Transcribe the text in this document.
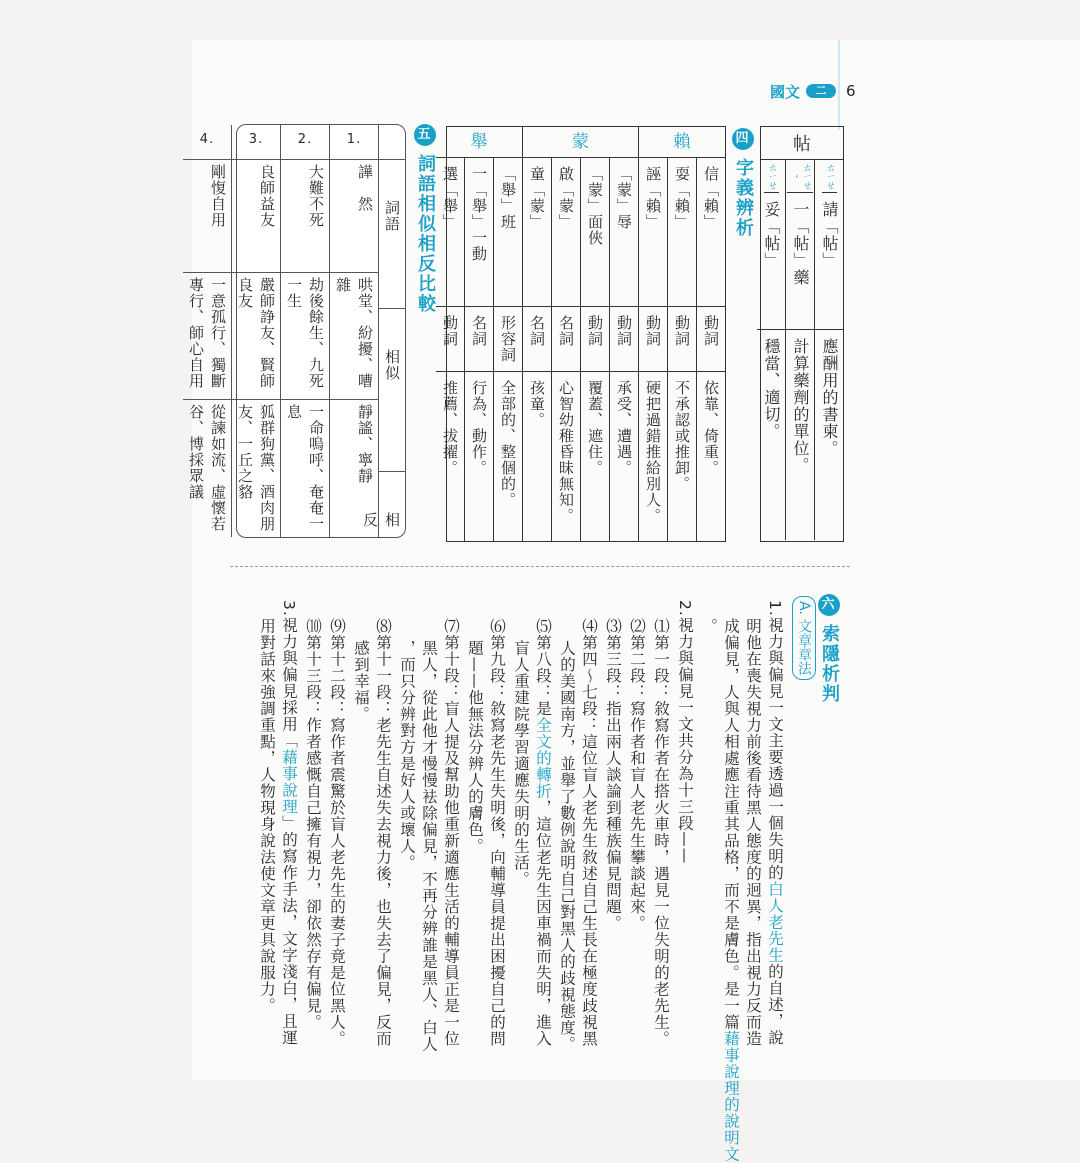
國文	二	6
帖
ㄊㄧㄝ
請「帖」
應酬用的書柬。
ㄊㄧㄝˇ
一「帖」藥
計算藥劑的單位。
ㄊㄧㄝ
妥「帖」
穩當、適切。
四 字義辨析
賴
信「賴」
動詞
依靠、倚重。
耍「賴」
動詞
不承認或推卸。
誣「賴」
動詞
硬把過錯推給別人。
蒙
「蒙」辱
動詞
承受、遭遇。
「蒙」面俠
動詞
覆蓋、遮住。
啟「蒙」
名詞
心智幼稚昏昧無知。
童「蒙」
名詞
孩童。
舉
「舉」班
形容詞
全部的、整個的。
一「舉」一動
名詞
行為、動作。
選「舉」
動詞
推薦、拔擢。
五 詞語相似相反比較
詞語
相似
相反
1.
譁　然
哄堂、紛擾、嘈雜
靜謐、寧靜
2.
大難不死
劫後餘生、九死一生
一命嗚呼、奄奄一息
3.
良師益友
嚴師諍友、賢師良友
狐群狗黨、酒肉朋友、一丘之貉
4.
剛愎自用
一意孤行、獨斷專行、師心自用
從諫如流、虛懷若谷、博採眾議
六 索隱析判
A. 文章章法
1.視力與偏見一文主要透過一個失明的白人老先生的自述，說
明他在喪失視力前後看待黑人態度的迥異，指出視力反而造
成偏見，人與人相處應注重其品格，而不是膚色。是一篇藉事說理的說明文
。
2.視力與偏見一文共分為十三段——
⑴第一段：敘寫作者在搭火車時，遇見一位失明的老先生。
⑵第二段：寫作者和盲人老先生攀談起來。
⑶第三段：指出兩人談論到種族偏見問題。
⑷第四～七段：這位盲人老先生敘述自己生長在極度歧視黑
人的美國南方，並舉了數例說明自己對黑人的歧視態度。
⑸第八段：是全文的轉折，這位老先生因車禍而失明，進入
盲人重建院學習適應失明的生活。
⑹第九段：敘寫老先生失明後，向輔導員提出困擾自己的問
題——他無法分辨人的膚色。
⑺第十段：盲人提及幫助他重新適應生活的輔導員正是一位
黑人，從此他才慢慢袪除偏見，不再分辨誰是黑人、白人
，而只分辨對方是好人或壞人。
⑻第十一段：老先生自述失去視力後，也失去了偏見，反而
感到幸福。
⑼第十二段：寫作者震驚於盲人老先生的妻子竟是位黑人。
⑽第十三段：作者感慨自己擁有視力，卻依然存有偏見。
3.視力與偏見採用「藉事說理」的寫作手法，文字淺白，且運
用對話來強調重點，人物現身說法使文章更具說服力。
